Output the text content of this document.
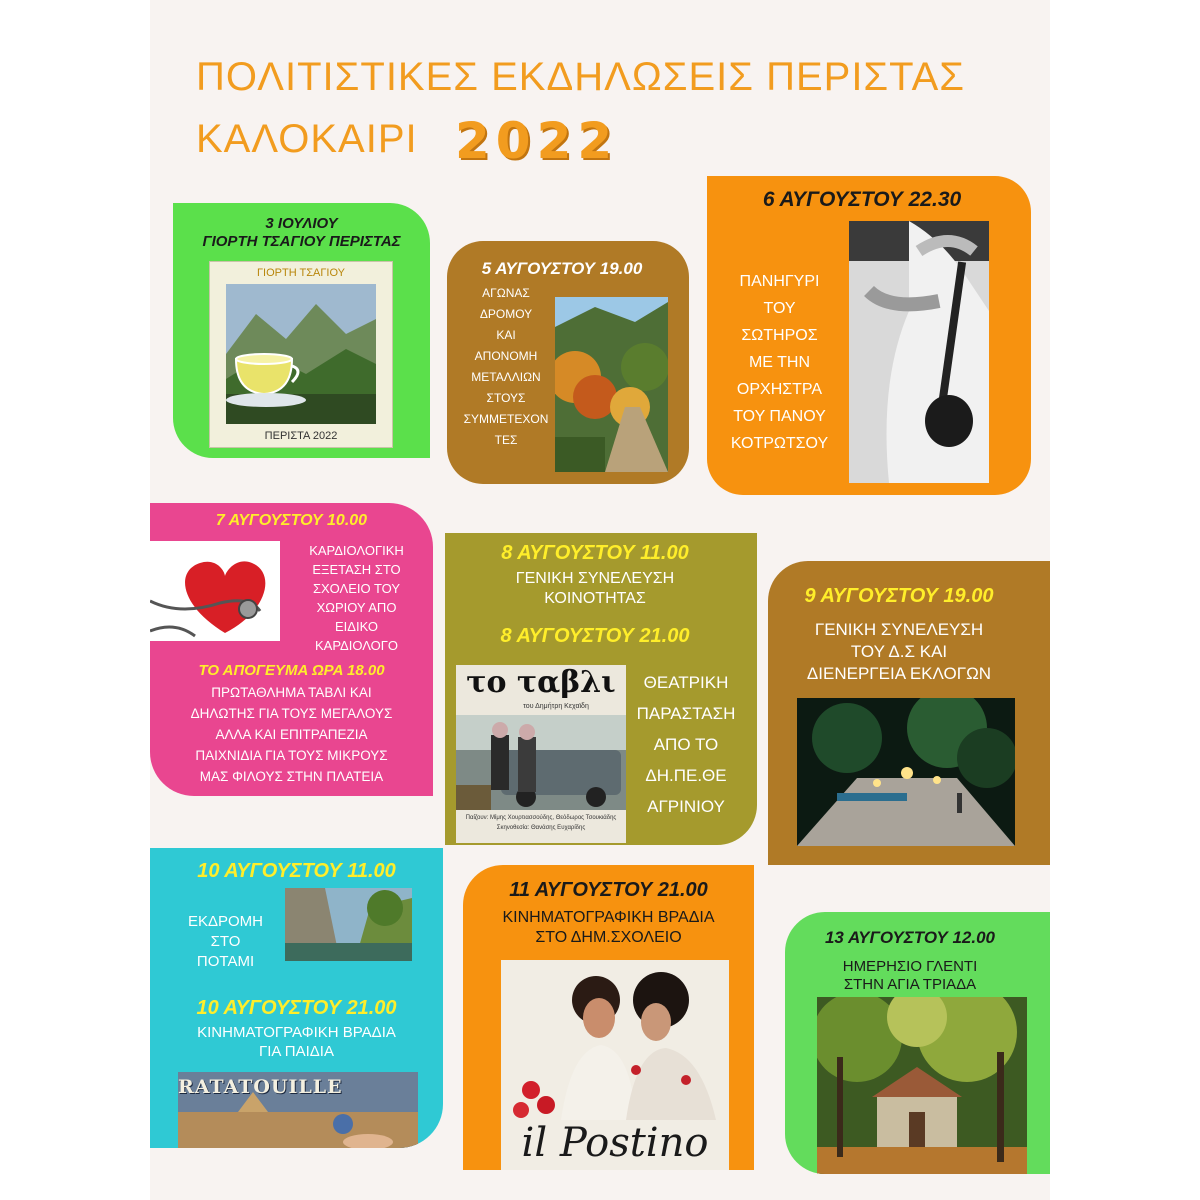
ΠΟΛΙΤΙΣΤΙΚΕΣ ΕΚΔΗΛΩΣΕΙΣ ΠΕΡΙΣΤΑΣ
ΚΑΛΟΚΑΙΡΙ 2022
3 ΙΟΥΛΙΟΥ
ΓΙΟΡΤΗ ΤΣΑΓΙΟΥ ΠΕΡΙΣΤΑΣ
ΓΙΟΡΤΗ ΤΣΑΓΙΟΥ
ΠΕΡΙΣΤΑ 2022
5 ΑΥΓΟΥΣΤΟΥ 19.00
ΑΓΩΝΑΣ
ΔΡΟΜΟΥ
ΚΑΙ
ΑΠΟΝΟΜΗ
ΜΕΤΑΛΛΙΩΝ
ΣΤΟΥΣ
ΣΥΜΜΕΤΕΧΟΝ
ΤΕΣ
6 ΑΥΓΟΥΣΤΟΥ 22.30
ΠΑΝΗΓΥΡΙ
ΤΟΥ
ΣΩΤΗΡΟΣ
ΜΕ ΤΗΝ
ΟΡΧΗΣΤΡΑ
ΤΟΥ ΠΑΝΟΥ
ΚΟΤΡΩΤΣΟΥ
7 ΑΥΓΟΥΣΤΟΥ 10.00
ΚΑΡΔΙΟΛΟΓΙΚΗ
ΕΞΕΤΑΣΗ ΣΤΟ
ΣΧΟΛΕΙΟ ΤΟΥ
ΧΩΡΙΟΥ ΑΠΟ
ΕΙΔΙΚΟ
ΚΑΡΔΙΟΛΟΓΟ
ΤΟ ΑΠΟΓΕΥΜΑ ΩΡΑ 18.00
ΠΡΩΤΑΘΛΗΜΑ ΤΑΒΛΙ ΚΑΙ
ΔΗΛΩΤΗΣ ΓΙΑ ΤΟΥΣ ΜΕΓΑΛΟΥΣ
ΑΛΛΑ ΚΑΙ ΕΠΙΤΡΑΠΕΖΙΑ
ΠΑΙΧΝΙΔΙΑ ΓΙΑ ΤΟΥΣ ΜΙΚΡΟΥΣ
ΜΑΣ ΦΙΛΟΥΣ ΣΤΗΝ ΠΛΑΤΕΙΑ
8 ΑΥΓΟΥΣΤΟΥ 11.00
ΓΕΝΙΚΗ ΣΥΝΕΛΕΥΣΗ
ΚΟΙΝΟΤΗΤΑΣ
8 ΑΥΓΟΥΣΤΟΥ 21.00
το ταβλι
του Δημήτρη Κεχαϊδη
Παίζουν: Μίμης Χουρτιασσούδης, Θεόδωρος Τσουκιάδης
Σκηνοθεσία: Θανάσης Ευχαρίδης
ΘΕΑΤΡΙΚΗ
ΠΑΡΑΣΤΑΣΗ
ΑΠΟ ΤΟ
ΔΗ.ΠΕ.ΘΕ
ΑΓΡΙΝΙΟΥ
9 ΑΥΓΟΥΣΤΟΥ 19.00
ΓΕΝΙΚΗ ΣΥΝΕΛΕΥΣΗ
ΤΟΥ Δ.Σ ΚΑΙ
ΔΙΕΝΕΡΓΕΙΑ ΕΚΛΟΓΩΝ
10 ΑΥΓΟΥΣΤΟΥ 11.00
ΕΚΔΡΟΜΗ
ΣΤΟ
ΠΟΤΑΜΙ
10 ΑΥΓΟΥΣΤΟΥ 21.00
ΚΙΝΗΜΑΤΟΓΡΑΦΙΚΗ ΒΡΑΔΙΑ
ΓΙΑ ΠΑΙΔΙΑ
RATATOUILLE
11 ΑΥΓΟΥΣΤΟΥ 21.00
ΚΙΝΗΜΑΤΟΓΡΑΦΙΚΗ ΒΡΑΔΙΑ
ΣΤΟ ΔΗΜ.ΣΧΟΛΕΙΟ
il Postino
13 ΑΥΓΟΥΣΤΟΥ 12.00
ΗΜΕΡΗΣΙΟ ΓΛΕΝΤΙ
ΣΤΗΝ ΑΓΙΑ ΤΡΙΑΔΑ
